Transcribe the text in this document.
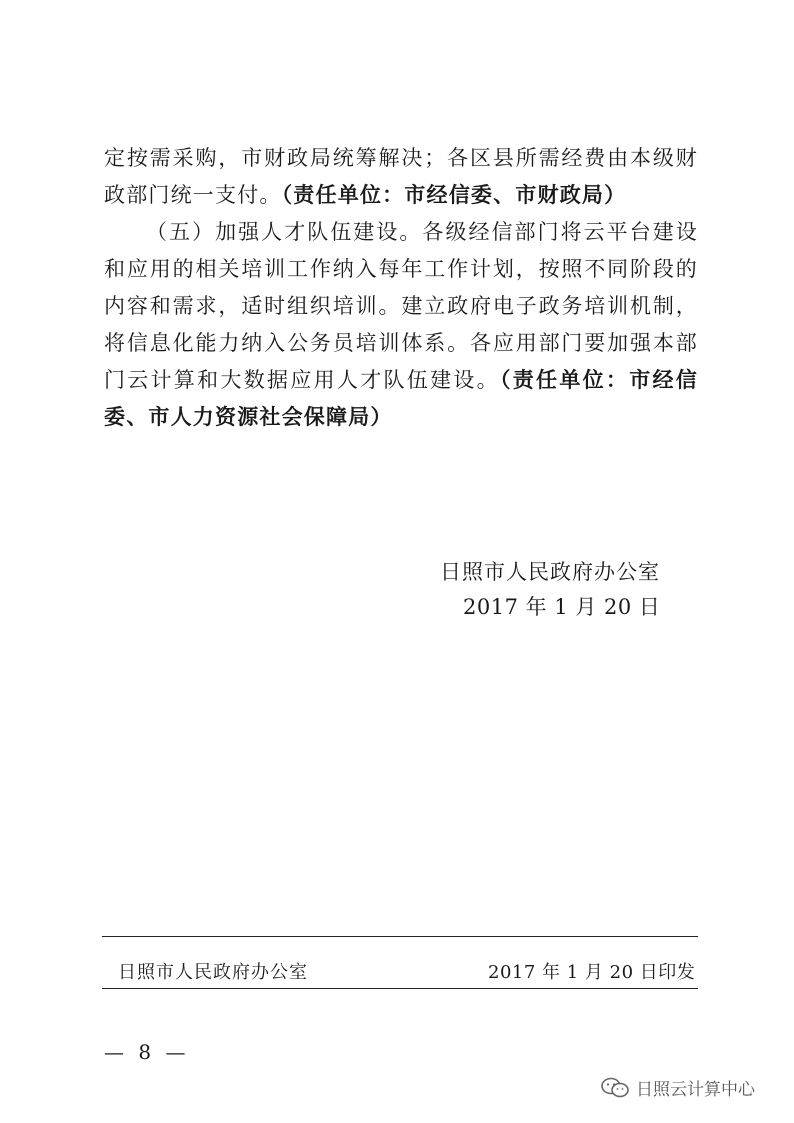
定按需采购，市财政局统筹解决；各区县所需经费由本级财政部门统一支付。（责任单位：市经信委、市财政局）

（五）加强人才队伍建设。各级经信部门将云平台建设和应用的相关培训工作纳入每年工作计划，按照不同阶段的内容和需求，适时组织培训。建立政府电子政务培训机制，将信息化能力纳入公务员培训体系。各应用部门要加强本部门云计算和大数据应用人才队伍建设。（责任单位：市经信委、市人力资源社会保障局）

日照市人民政府办公室
2017 年 1 月 20 日
日照市人民政府办公室	2017 年 1 月 20 日印发
— 8 —
日照云计算中心
